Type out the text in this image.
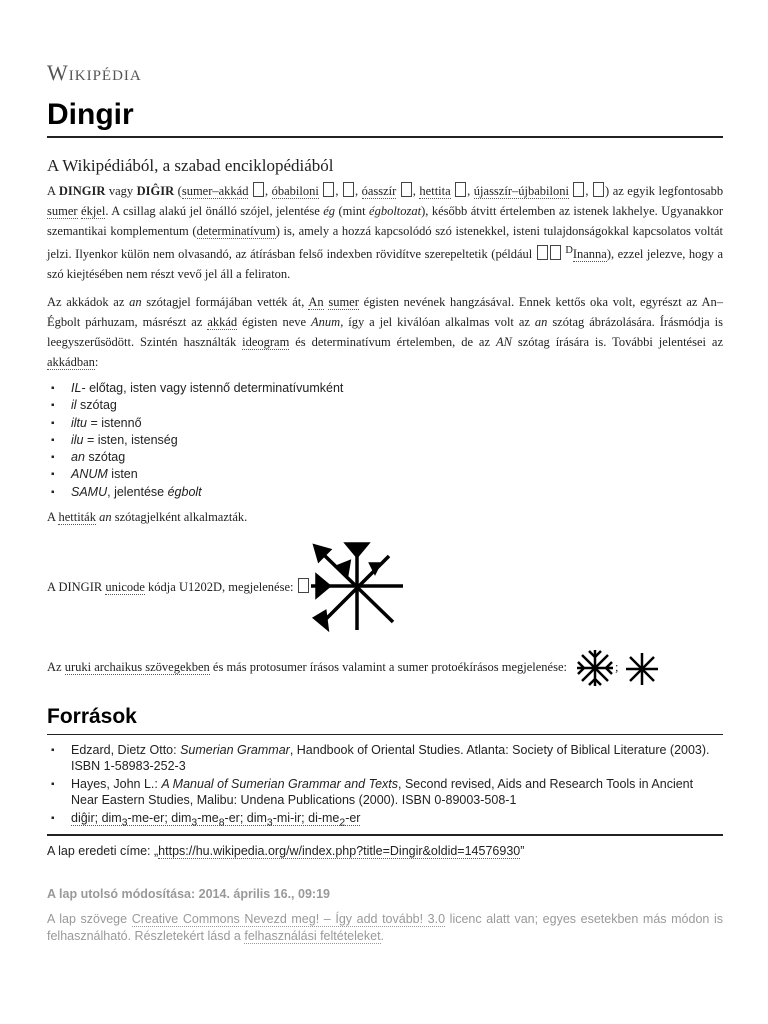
Wikipédia
Dingir
A Wikipédiából, a szabad enciklopédiából
A DINGIR vagy DIĜIR (sumer–akkád , óbabiloni , , óasszír , hettita , újasszír–újbabiloni , ) az egyik legfontosabb sumer ékjel. A csillag alakú jel önálló szójel, jelentése ég (mint égboltozat), később átvitt értelemben az istenek lakhelye. Ugyanakkor szemantikai komplementum (determinatívum) is, amely a hozzá kapcsolódó szó istenekkel, isteni tulajdonságokkal kapcsolatos voltát jelzi. Ilyenkor külön nem olvasandó, az átírásban felső indexben rövidítve szerepeltetik (például	$^D$Inanna), ezzel jelezve, hogy a szó kiejtésében nem részt vevő jel áll a feliraton.
Az akkádok az an szótagjel formájában vették át, An sumer égisten nevének hangzásával. Ennek kettős oka volt, egyrészt az An–Égbolt párhuzam, másrészt az akkád égisten neve Anum, így a jel kiválóan alkalmas volt az an szótag ábrázolására. Írásmódja is leegyszerűsödött. Szintén használták ideogram és determinatívum értelemben, de az AN szótag írására is. További jelentései az akkádban:
▪ IL- előtag, isten vagy istennő determinatívumként
▪ il szótag
▪ iltu = istennő
▪ ilu = isten, istenség
▪ an szótag
▪ ANUM isten
▪ SAMU, jelentése égbolt
A hettiták an szótagjelként alkalmazták.
A DINGIR unicode kódja U1202D, megjelenése:
Az uruki archaikus szövegekben és más protosumer írásos valamint a sumer protoékírásos megjelenése:	;
Források
▪ Edzard, Dietz Otto: Sumerian Grammar, Handbook of Oriental Studies. Atlanta: Society of Biblical Literature (2003). ISBN 1-58983-252-3
▪ Hayes, John L.: A Manual of Sumerian Grammar and Texts, Second revised, Aids and Research Tools in Ancient Near Eastern Studies, Malibu: Undena Publications (2000). ISBN 0-89003-508-1
▪ diĝir; dim$_3$-me-er; $dim_3-me_8-er$; dim$_3$-mi-ir; $di-me_2-er$
A lap eredeti címe: „https://hu.wikipedia.org/w/index.php?title=Dingir&oldid=14576930”
A lap utolsó módosítása: 2014. április 16., 09:19
A lap szövege Creative Commons Nevezd meg! – Így add tovább! 3.0 licenc alatt van; egyes esetekben más módon is felhasználható. Részletekért lásd a felhasználási feltételeket.
